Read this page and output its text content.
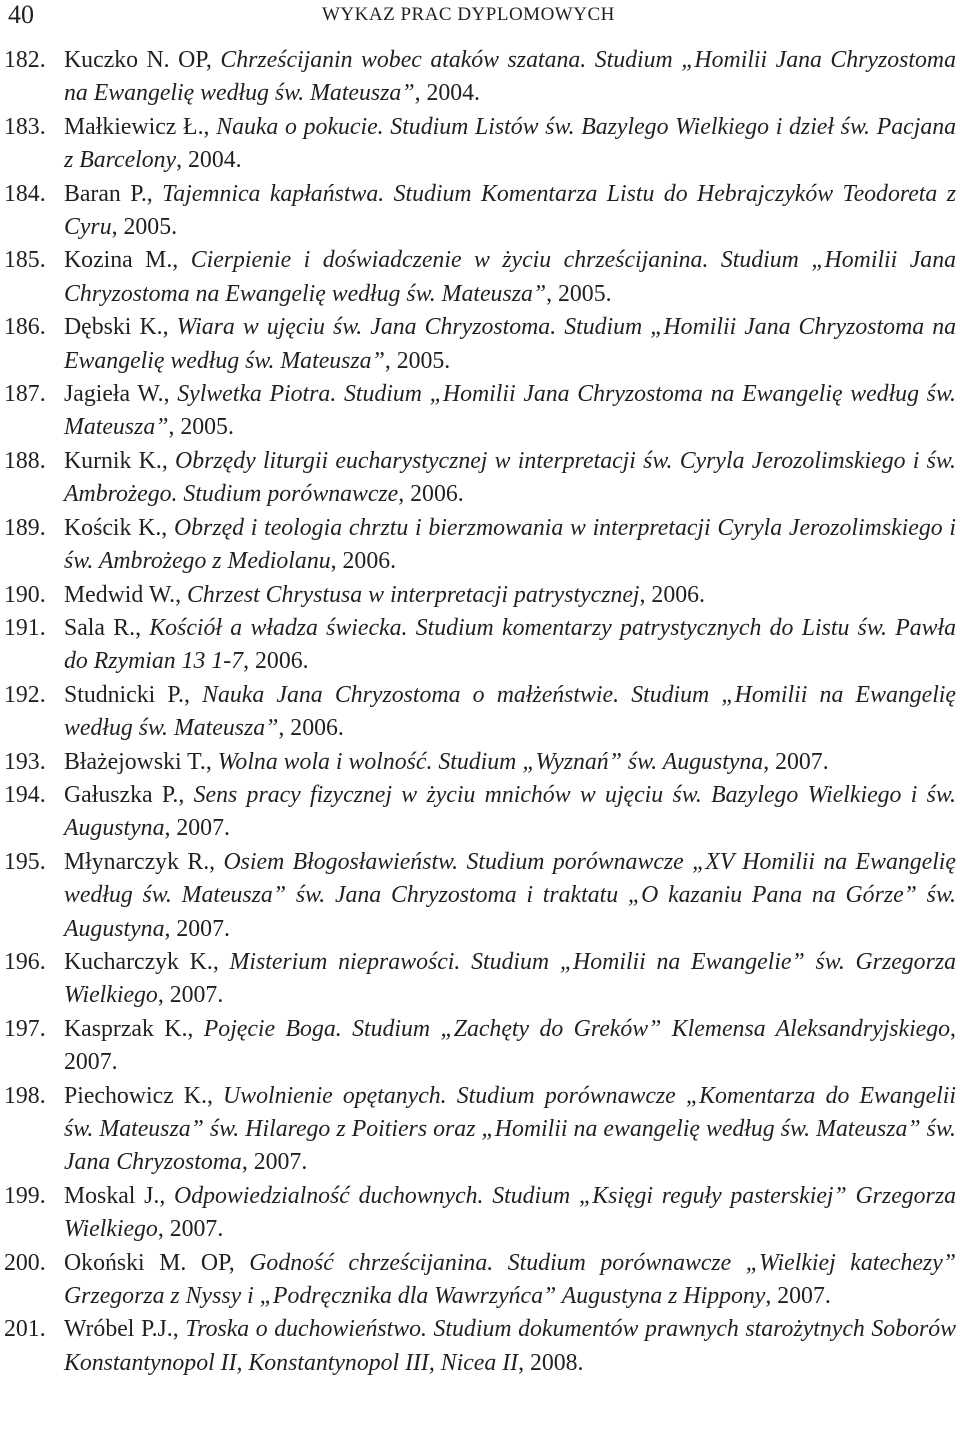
40	WYKAZ PRAC DYPLOMOWYCH
182. Kuczko N. OP, Chrześcijanin wobec ataków szatana. Studium „Homilii Jana Chryzostoma na Ewangelię według św. Mateusza”, 2004.
183. Małkiewicz Ł., Nauka o pokucie. Studium Listów św. Bazylego Wielkiego i dzieł św. Pacjana z Barcelony, 2004.
184. Baran P., Tajemnica kapłaństwa. Studium Komentarza Listu do Hebrajczyków Teodoreta z Cyru, 2005.
185. Kozina M., Cierpienie i doświadczenie w życiu chrześcijanina. Studium „Homilii Jana Chryzostoma na Ewangelię według św. Mateusza”, 2005.
186. Dębski K., Wiara w ujęciu św. Jana Chryzostoma. Studium „Homilii Jana Chryzostoma na Ewangelię według św. Mateusza”, 2005.
187. Jagieła W., Sylwetka Piotra. Studium „Homilii Jana Chryzostoma na Ewangelię według św. Mateusza”, 2005.
188. Kurnik K., Obrzędy liturgii eucharystycznej w interpretacji św. Cyryla Jerozolimskiego i św. Ambrożego. Studium porównawcze, 2006.
189. Kościk K., Obrzęd i teologia chrztu i bierzmowania w interpretacji Cyryla Jerozolimskiego i św. Ambrożego z Mediolanu, 2006.
190. Medwid W., Chrzest Chrystusa w interpretacji patrystycznej, 2006.
191. Sala R., Kościół a władza świecka. Studium komentarzy patrystycznych do Listu św. Pawła do Rzymian 13 1-7, 2006.
192. Studnicki P., Nauka Jana Chryzostoma o małżeństwie. Studium „Homilii na Ewangelię według św. Mateusza”, 2006.
193. Błażejowski T., Wolna wola i wolność. Studium „Wyznań” św. Augustyna, 2007.
194. Gałuszka P., Sens pracy fizycznej w życiu mnichów w ujęciu św. Bazylego Wielkiego i św. Augustyna, 2007.
195. Młynarczyk R., Osiem Błogosławieństw. Studium porównawcze „XV Homilii na Ewangelię według św. Mateusza” św. Jana Chryzostoma i traktatu „O kazaniu Pana na Górze” św. Augustyna, 2007.
196. Kucharczyk K., Misterium nieprawości. Studium „Homilii na Ewangelie” św. Grzegorza Wielkiego, 2007.
197. Kasprzak K., Pojęcie Boga. Studium „Zachęty do Greków” Klemensa Aleksandryjskiego, 2007.
198. Piechowicz K., Uwolnienie opętanych. Studium porównawcze „Komentarza do Ewangelii św. Mateusza” św. Hilarego z Poitiers oraz „Homilii na ewangelię według św. Mateusza” św. Jana Chryzostoma, 2007.
199. Moskal J., Odpowiedzialność duchownych. Studium „Księgi reguły pasterskiej” Grzegorza Wielkiego, 2007.
200. Okoński M. OP, Godność chrześcijanina. Studium porównawcze „Wielkiej katechezy” Grzegorza z Nyssy i „Podręcznika dla Wawrzyńca” Augustyna z Hippony, 2007.
201. Wróbel P.J., Troska o duchowieństwo. Studium dokumentów prawnych starożytnych Soborów Konstantynopol II, Konstantynopol III, Nicea II, 2008.
